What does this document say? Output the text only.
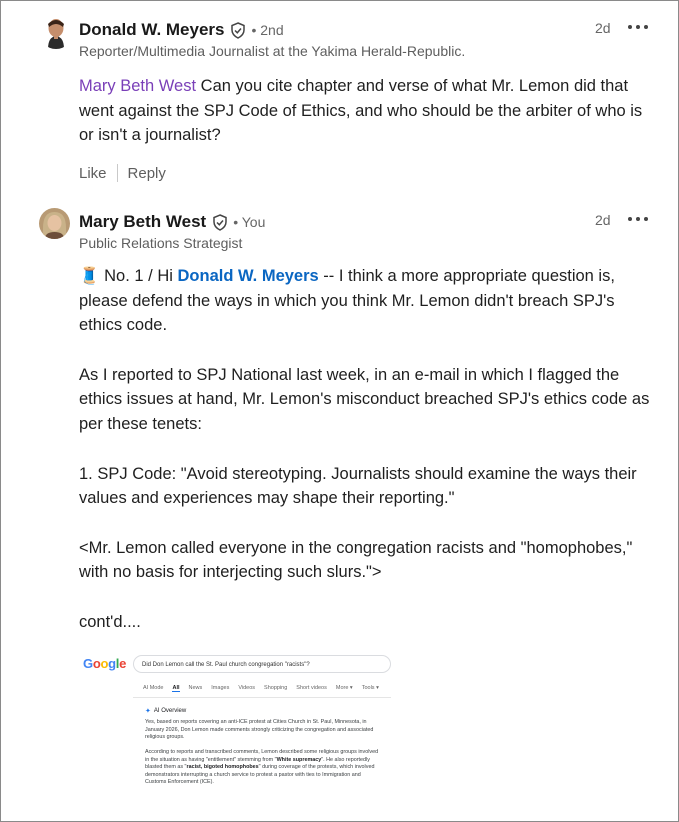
Donald W. Meyers • 2nd
Reporter/Multimedia Journalist at the Yakima Herald-Republic.
2d

Mary Beth West Can you cite chapter and verse of what Mr. Lemon did that went against the SPJ Code of Ethics, and who should be the arbiter of who is or isn't a journalist?

Like Reply
Mary Beth West • You
Public Relations Strategist
2d

🧵 No. 1 / Hi Donald W. Meyers -- I think a more appropriate question is, please defend the ways in which you think Mr. Lemon didn't breach SPJ's ethics code.

As I reported to SPJ National last week, in an e-mail in which I flagged the ethics issues at hand, Mr. Lemon's misconduct breached SPJ's ethics code as per these tenets:

1. SPJ Code: "Avoid stereotyping. Journalists should examine the ways their values and experiences may shape their reporting."

<Mr. Lemon called everyone in the congregation racists and "homophobes," with no basis for interjecting such slurs.">

cont'd....

Google	Did Don Lemon call the St. Paul church congregation "racists"?
AI Mode All News Images Videos Shopping Short videos More ▾ Tools ▾
✦ AI Overview

Yes, based on reports covering an anti-ICE protest at Cities Church in St. Paul, Minnesota, in January 2026, Don Lemon made comments strongly criticizing the congregation and associated religious groups.

According to reports and transcribed comments, Lemon described some religious groups involved in the situation as having "entitlement" stemming from "White supremacy". He also reportedly blasted them as "racist, bigoted homophobes" during coverage of the protests, which involved demonstrators interrupting a church service to protest a pastor with ties to Immigration and Customs Enforcement (ICE).
